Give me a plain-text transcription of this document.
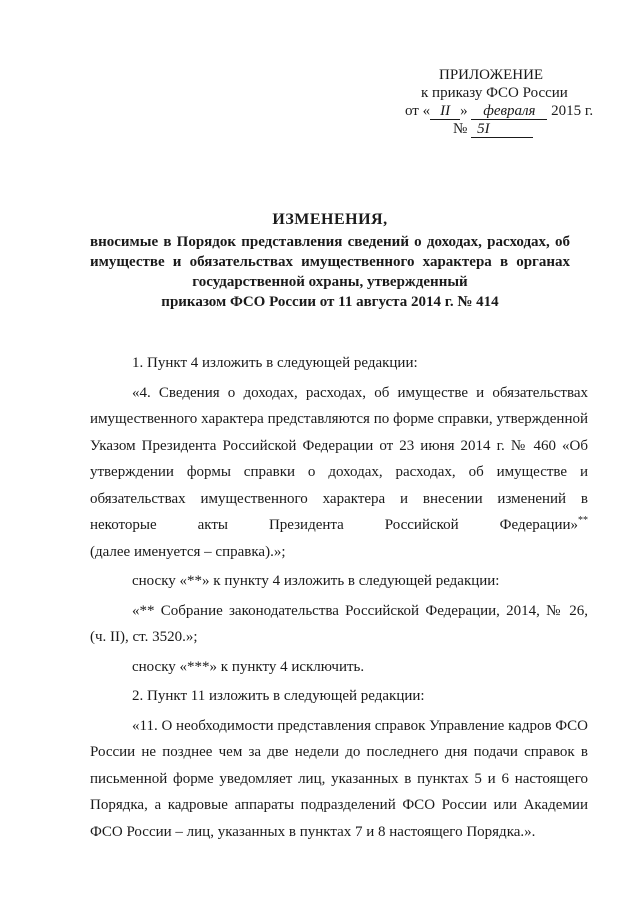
ПРИЛОЖЕНИЕ
к приказу ФСО России
от « II » февраля 2015 г.
№ 5I
ИЗМЕНЕНИЯ,
вносимые в Порядок представления сведений о доходах, расходах, об имуществе и обязательствах имущественного характера в органах государственной охраны, утвержденный
приказом ФСО России от 11 августа 2014 г. № 414

1. Пункт 4 изложить в следующей редакции:

«4. Сведения о доходах, расходах, об имуществе и обязательствах имущественного характера представляются по форме справки, утвержденной Указом Президента Российской Федерации от 23 июня 2014 г. № 460 «Об утверждении формы справки о доходах, расходах, об имуществе и обязательствах имущественного характера и внесении изменений в некоторые акты Президента Российской Федерации»**

(далее именуется – справка).»;

сноску «**» к пункту 4 изложить в следующей редакции:

«** Собрание законодательства Российской Федерации, 2014, № 26, (ч. II), ст. 3520.»;

сноску «***» к пункту 4 исключить.

2. Пункт 11 изложить в следующей редакции:

«11. О необходимости представления справок Управление кадров ФСО России не позднее чем за две недели до последнего дня подачи справок в письменной форме уведомляет лиц, указанных в пунктах 5 и 6 настоящего Порядка, а кадровые аппараты подразделений ФСО России или Академии ФСО России – лиц, указанных в пунктах 7 и 8 настоящего Порядка.».
